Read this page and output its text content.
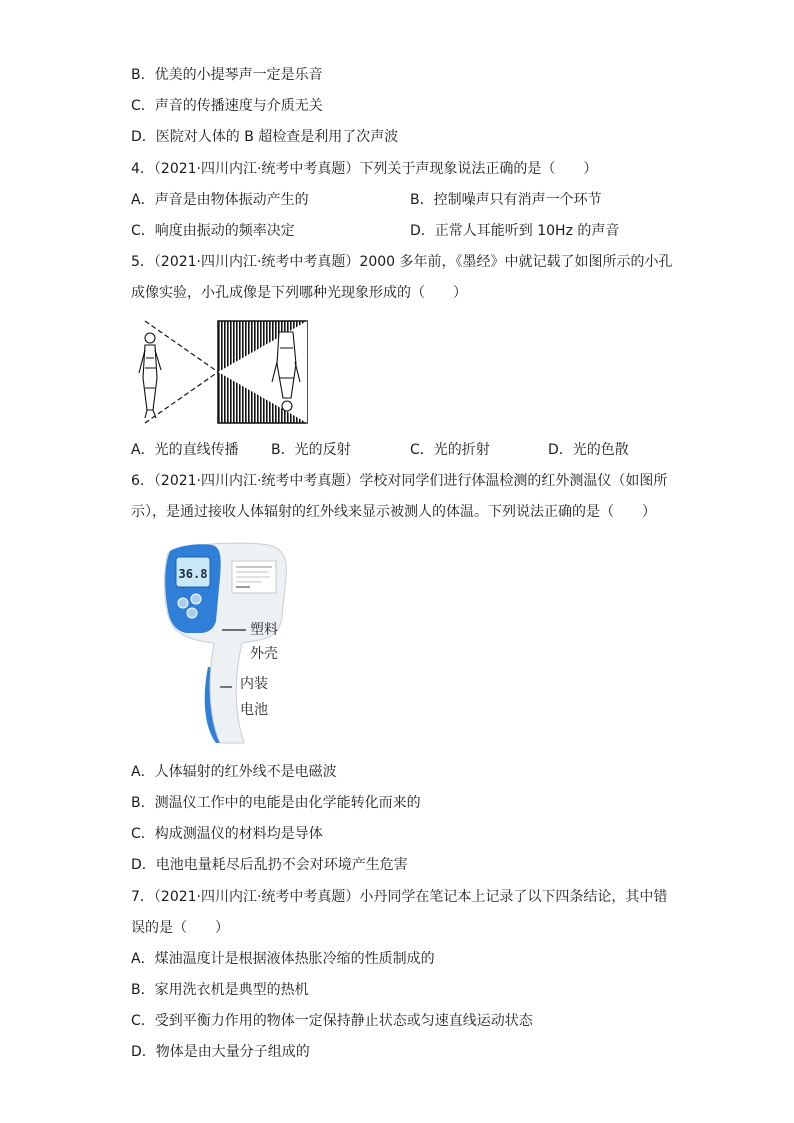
B．优美的小提琴声一定是乐音
C．声音的传播速度与介质无关
D．医院对人体的 B 超检查是利用了次声波
4．（2021·四川内江·统考中考真题）下列关于声现象说法正确的是（　　）
A．声音是由物体振动产生的	B．控制噪声只有消声一个环节
C．响度由振动的频率决定	D．正常人耳能听到 10Hz 的声音
5．（2021·四川内江·统考中考真题）2000 多年前，《墨经》中就记载了如图所示的小孔
成像实验，小孔成像是下列哪种光现象形成的（　　）
A．光的直线传播 B．光的反射	C．光的折射	D．光的色散
6．（2021·四川内江·统考中考真题）学校对同学们进行体温检测的红外测温仪（如图所
示），是通过接收人体辐射的红外线来显示被测人的体温。下列说法正确的是（　　）
36.8
塑料
外壳
内装
电池
A．人体辐射的红外线不是电磁波
B．测温仪工作中的电能是由化学能转化而来的
C．构成测温仪的材料均是导体
D．电池电量耗尽后乱扔不会对环境产生危害
7．（2021·四川内江·统考中考真题）小丹同学在笔记本上记录了以下四条结论，其中错
误的是（　　）
A．煤油温度计是根据液体热胀冷缩的性质制成的
B．家用洗衣机是典型的热机
C．受到平衡力作用的物体一定保持静止状态或匀速直线运动状态
D．物体是由大量分子组成的
